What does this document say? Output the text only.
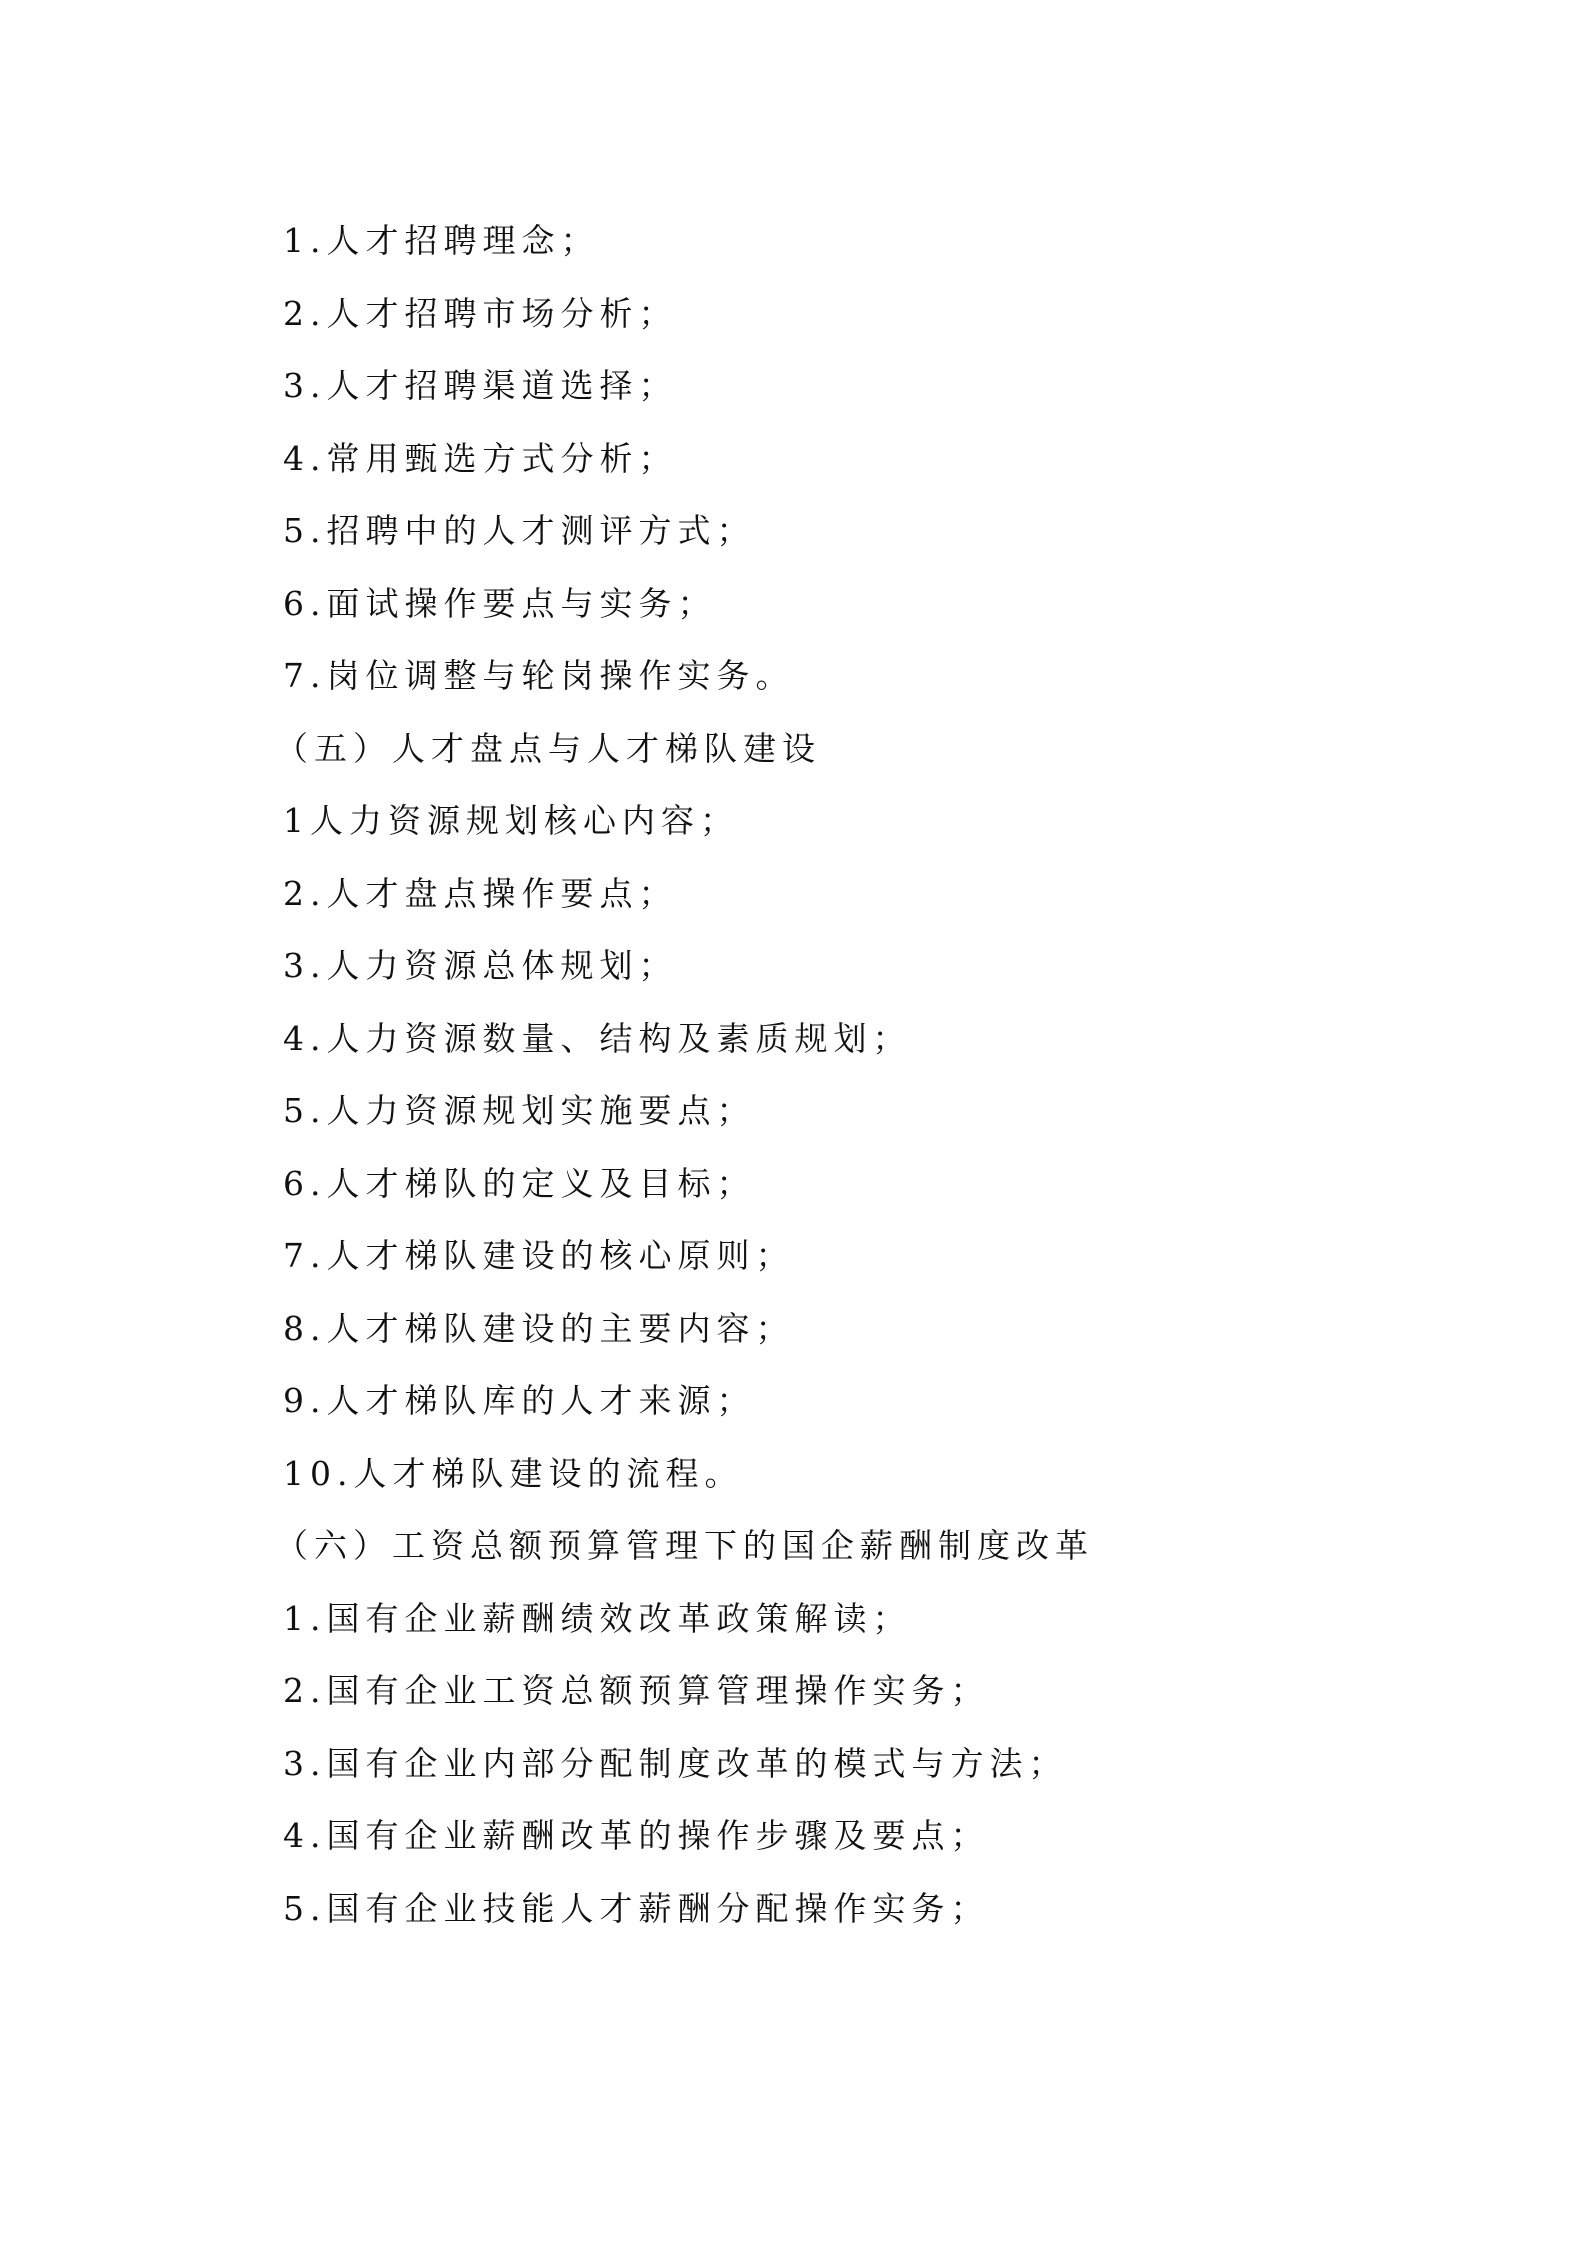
1.人才招聘理念；
2.人才招聘市场分析；
3.人才招聘渠道选择；
4.常用甄选方式分析；
5.招聘中的人才测评方式；
6.面试操作要点与实务；
7.岗位调整与轮岗操作实务。
（五）人才盘点与人才梯队建设
1人力资源规划核心内容；
2.人才盘点操作要点；
3.人力资源总体规划；
4.人力资源数量、结构及素质规划；
5.人力资源规划实施要点；
6.人才梯队的定义及目标；
7.人才梯队建设的核心原则；
8.人才梯队建设的主要内容；
9.人才梯队库的人才来源；
10.人才梯队建设的流程。
（六）工资总额预算管理下的国企薪酬制度改革
1.国有企业薪酬绩效改革政策解读；
2.国有企业工资总额预算管理操作实务；
3.国有企业内部分配制度改革的模式与方法；
4.国有企业薪酬改革的操作步骤及要点；
5.国有企业技能人才薪酬分配操作实务；
